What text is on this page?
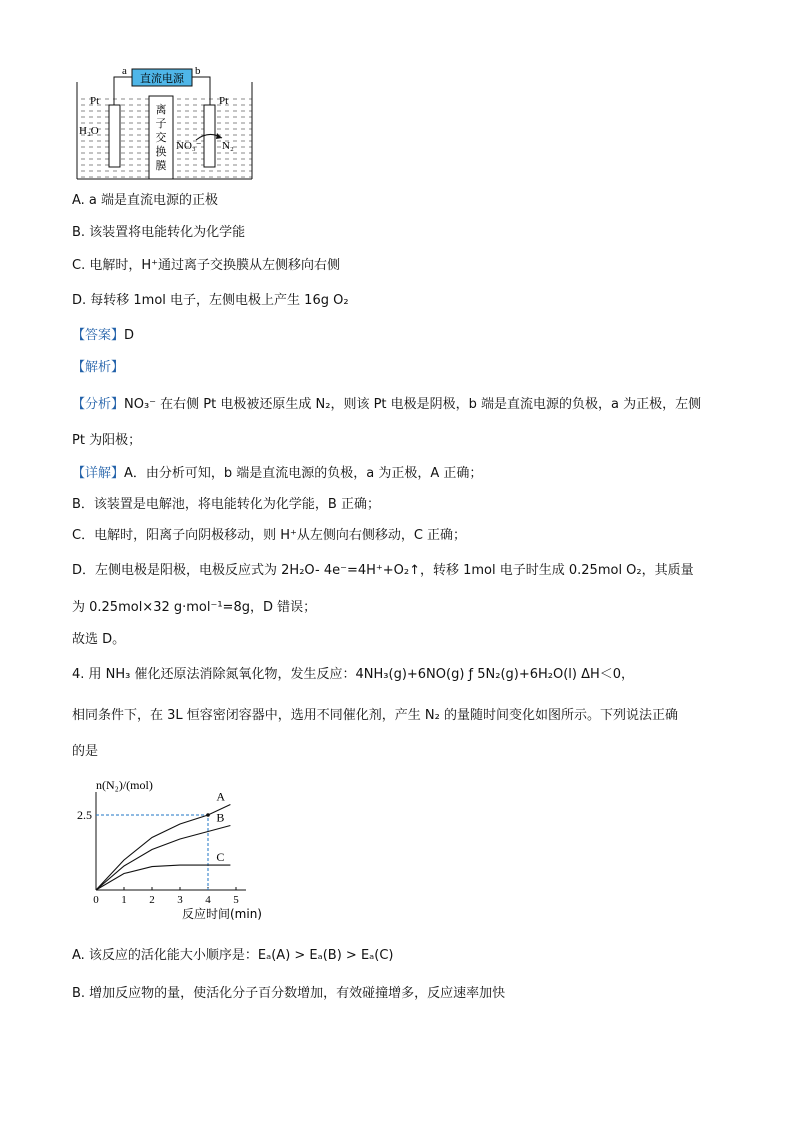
直流电源
a	b
Pt	Pt
H₂O
离
子
交
换
膜
NO₃⁻ N₂
A. a 端是直流电源的正极
B. 该装置将电能转化为化学能
C. 电解时，H⁺通过离子交换膜从左侧移向右侧
D. 每转移 1mol 电子，左侧电极上产生 16g O₂
【答案】D
【解析】
【分析】NO₃⁻ 在右侧 Pt 电极被还原生成 N₂，则该 Pt 电极是阴极，b 端是直流电源的负极，a 为正极，左侧
Pt 为阳极；
【详解】A．由分析可知，b 端是直流电源的负极，a 为正极，A 正确；
B．该装置是电解池，将电能转化为化学能，B 正确；
C．电解时，阳离子向阴极移动，则 H⁺从左侧向右侧移动，C 正确；
D．左侧电极是阳极，电极反应式为 2H₂O- 4e⁻=4H⁺+O₂↑，转移 1mol 电子时生成 0.25mol O₂，其质量
为 0.25mol×32 g·mol⁻¹=8g，D 错误；
故选 D。
4. 用 NH₃ 催化还原法消除氮氧化物，发生反应：4NH₃(g)+6NO(g) ƒ 5N₂(g)+6H₂O(l) ΔH＜0，
相同条件下，在 3L 恒容密闭容器中，选用不同催化剂，产生 N₂ 的量随时间变化如图所示。下列说法正确
的是
n(N₂)/(mol)
反应时间(min)
0 1 2 3 4 5
2.5
A
B
C
A. 该反应的活化能大小顺序是：Eₐ(A) > Eₐ(B) > Eₐ(C)
B. 增加反应物的量，使活化分子百分数增加，有效碰撞增多，反应速率加快
